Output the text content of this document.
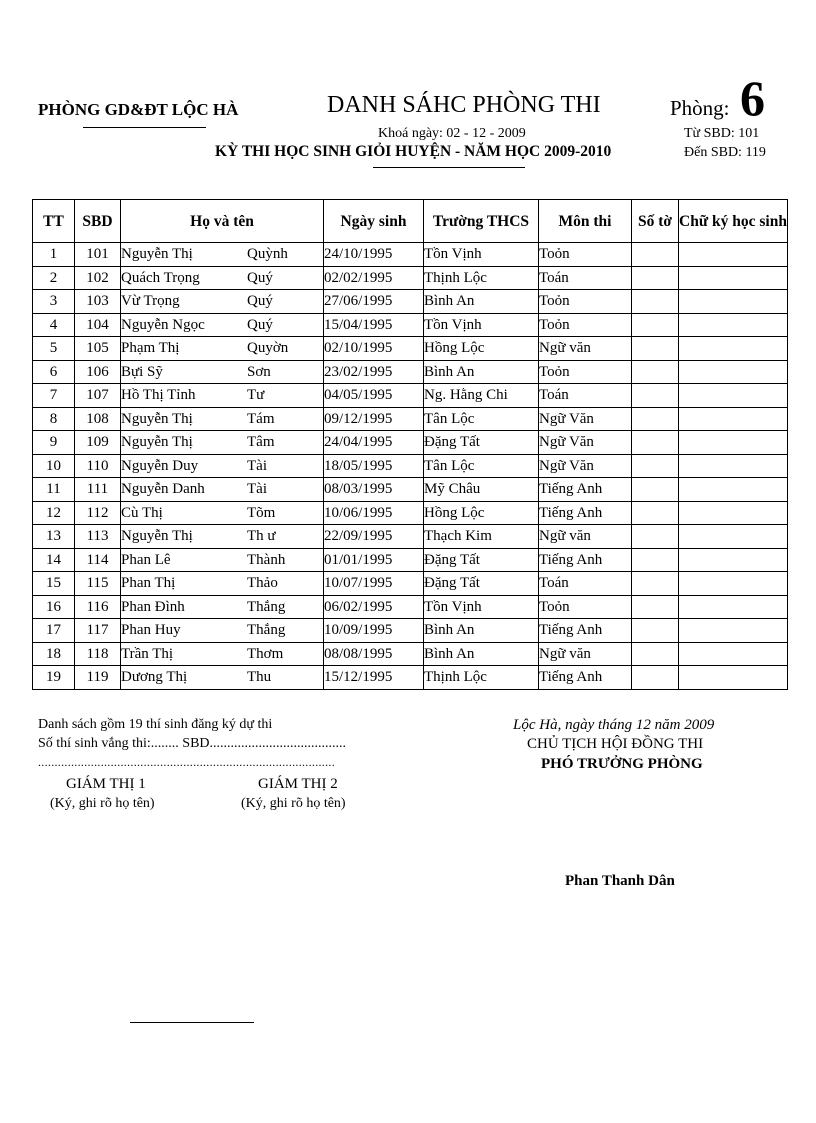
PHÒNG GD&ĐT LỘC HÀ	DANH SÁHC PHÒNG THI	Phòng: 6
Khoá ngày: 02 - 12 - 2009
KỲ THI HỌC SINH GIỎI HUYỆN - NĂM HỌC 2009-2010
Từ SBD: 101
Đến SBD: 119
TT	SBD	Họ và tên	Ngày sinh	Trường THCS	Môn thi	Số tờ	Chữ ký học sinh
1	101	Nguyễn Thị Quỳnh	24/10/1995	Tồn Vịnh	Toỏn		
2	102	Quách Trọng Quý	02/02/1995	Thịnh Lộc	Toán		
3	103	Vừ Trọng Quý	27/06/1995	Bình An	Toỏn		
4	104	Nguyễn Ngọc Quý	15/04/1995	Tồn Vịnh	Toỏn		
5	105	Phạm Thị Quyờn	02/10/1995	Hồng Lộc	Ngữ văn		
6	106	Bựi Sỹ Sơn	23/02/1995	Bình An	Toỏn		
7	107	Hồ Thị Tỉnh Tư	04/05/1995	Ng. Hằng Chi	Toán		
8	108	Nguyễn Thị Tám	09/12/1995	Tân Lộc	Ngữ Văn		
9	109	Nguyễn Thị Tâm	24/04/1995	Đặng Tất	Ngữ Văn		
10	110	Nguyễn Duy Tài	18/05/1995	Tân Lộc	Ngữ Văn		
11	111	Nguyễn Danh Tài	08/03/1995	Mỹ Châu	Tiếng Anh		
12	112	Cù Thị Tõm	10/06/1995	Hồng Lộc	Tiếng Anh		
13	113	Nguyễn Thị Th ư	22/09/1995	Thạch Kim	Ngữ văn		
14	114	Phan Lê Thành	01/01/1995	Đặng Tất	Tiếng Anh		
15	115	Phan Thị Thảo	10/07/1995	Đặng Tất	Toán		
16	116	Phan Đình Thắng	06/02/1995	Tồn Vịnh	Toỏn		
17	117	Phan Huy Thắng	10/09/1995	Bình An	Tiếng Anh		
18	118	Trần Thị Thơm	08/08/1995	Bình An	Ngữ văn		
19	119	Dương Thị Thu	15/12/1995	Thịnh Lộc	Tiếng Anh		
Danh sách gồm 19 thí sinh đăng ký dự thi
Số thí sinh vắng thi:........ SBD.......................................
..........................................................................................
GIÁM THỊ 1
(Ký, ghi rõ họ tên)
GIÁM THỊ 2
(Ký, ghi rõ họ tên)
Lộc Hà, ngày tháng 12 năm 2009
CHỦ TỊCH HỘI ĐỒNG THI
PHÓ TRƯỞNG PHÒNG
Phan Thanh Dân
